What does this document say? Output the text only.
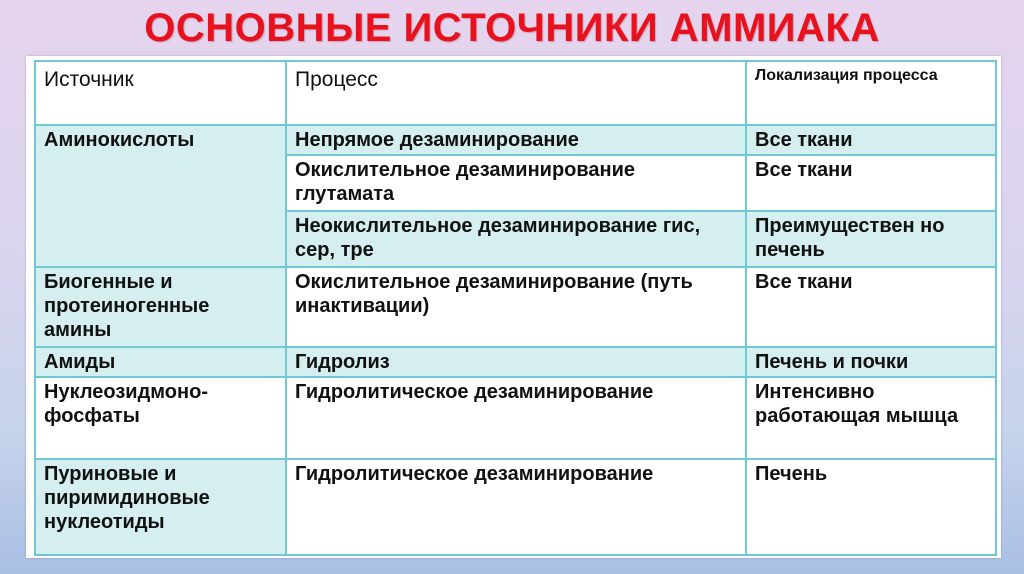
ОСНОВНЫЕ ИСТОЧНИКИ АММИАКА
Источник	Процесс	Локализация процесса
Аминокислоты	Непрямое дезаминирование	Все ткани
	Окислительное дезаминирование глутамата	Все ткани
	Неокислительное дезаминирование гис, сер, тре	Преимуществен но печень
Биогенные и протеиногенные амины	Окислительное дезаминирование (путь инактивации)	Все ткани
Амиды	Гидролиз	Печень и почки
Нуклеозидмоно-фосфаты	Гидролитическое дезаминирование	Интенсивно работающая мышца
Пуриновые и пиримидиновые нуклеотиды	Гидролитическое дезаминирование	Печень
